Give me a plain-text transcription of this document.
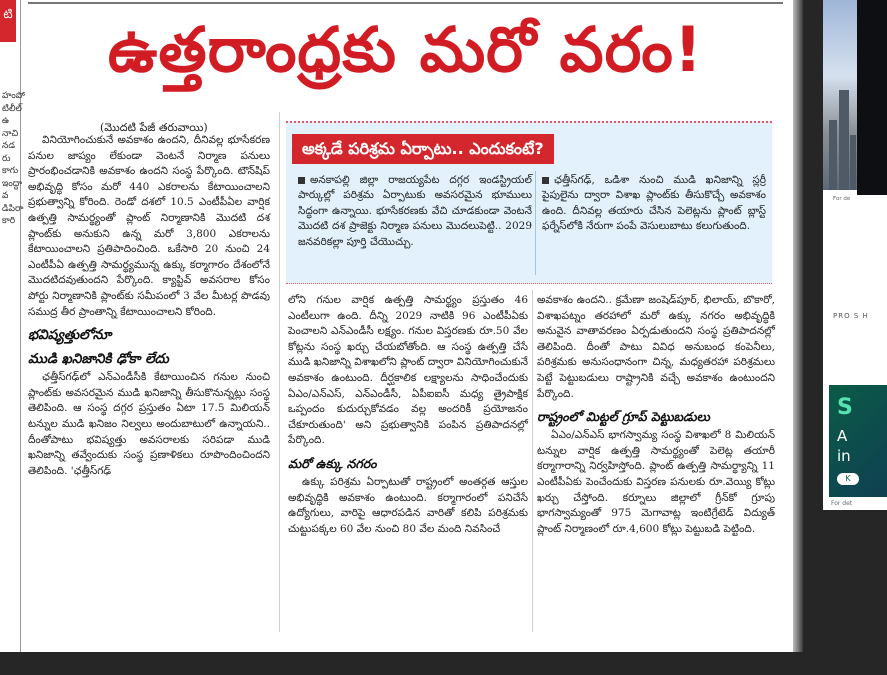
టి
హంపోటిలీల్ ఉనాచి నడరు కాగు ఇంద్దావ డిపిరా కారి
ఉత్తరాంధ్రకు మరో వరం!
(మొదటి పేజీ తరువాయి)

వినియోగించుకునే అవకాశం ఉందని, దీనివల్ల భూసేకరణ పనుల జాప్యం లేకుండా వెంటనే నిర్మాణ పనులు ప్రారంభించడానికి అవకాశం ఉందని సంస్థ పేర్కొంది. టౌన్‌షిప్ అభివృద్ధి కోసం మరో 440 ఎకరాలను కేటాయించాలని ప్రభుత్వాన్ని కోరింది. రెండో దశలో 10.5 ఎంటీపీఏల వార్షిక ఉత్పత్తి సామర్థ్యంతో ప్లాంట్ నిర్మాణానికి మొదటి దశ ప్లాంట్‌కు అనుకుని ఉన్న మరో 3,800 ఎకరాలను కేటాయించాలని ప్రతిపాదించింది. ఒకేసారి 20 నుంచి 24 ఎంటీపీఏ ఉత్పత్తి సామర్థ్యమున్న ఉక్కు కర్మాగారం దేశంలోనే మొదటిదవుతుందని పేర్కొంది. క్యాప్టివ్ అవసరాల కోసం పోర్టు నిర్మాణానికి ప్లాంట్‌కు సమీపంలో 3 వేల మీటర్ల పొడవు సముద్ర తీర ప్రాంతాన్ని కేటాయించాలని కోరింది.

భవిష్యత్తులోనూ
ముడి ఖనిజానికి ఢోకా లేదు

ఛత్తీస్‌గఢ్‌లో ఎన్ఎండీసీకి కేటాయించిన గనుల నుంచి ప్లాంట్‌కు అవసరమైన ముడి ఖనిజాన్ని తీసుకొనున్నట్లు సంస్థ తెలిపింది. ఆ సంస్థ దగ్గర ప్రస్తుతం ఏటా 17.5 మిలియన్ టన్నుల ముడి ఖనిజం నిల్వలు అందుబాటులో ఉన్నాయని.. దీంతోపాటు భవిష్యత్తు అవసరాలకు సరిపడా ముడి ఖనిజాన్ని తవ్వేందుకు సంస్థ ప్రణాళికలు రూపొందించిందని తెలిపింది. 'ఛత్తీస్‌గఢ్

అక్కడే పరిశ్రమ ఏర్పాటు.. ఎందుకంటే?
అనకాపల్లి జిల్లా రాజయ్యపేట దగ్గర ఇండస్ట్రియల్ పార్కుల్లో పరిశ్రమ ఏర్పాటుకు అవసరమైన భూములు సిద్ధంగా ఉన్నాయి. భూసేకరణకు వేచి చూడకుండా వెంటనే మొదటి దశ ప్రాజెక్టు నిర్మాణ పనులు మొదలుపెట్టి.. 2029 జనవరికల్లా పూర్తి చేయొచ్చు.
ఛత్తీస్‌గఢ్, ఒడిశా నుంచి ముడి ఖనిజాన్ని స్లర్రీ పైపులైను ద్వారా విశాఖ ప్లాంట్‌కు తీసుకొచ్చే అవకాశం ఉంది. దీనివల్ల తయారు చేసిన పెలెట్లను ప్లాంట్ బ్లాస్ట్ ఫర్నేస్‌లోకి నేరుగా పంపే వెసులుబాటు కలుగుతుంది.

లోని గనుల వార్షిక ఉత్పత్తి సామర్థ్యం ప్రస్తుతం 46 ఎంటీలుగా ఉంది. దీన్ని 2029 నాటికి 96 ఎంటీపీఏకు పెంచాలని ఎన్ఎండీసీ లక్ష్యం. గనుల విస్తరణకు రూ.50 వేల కోట్లను సంస్థ ఖర్చు చేయబోతోంది. ఆ సంస్థ ఉత్పత్తి చేసే ముడి ఖనిజాన్ని విశాఖలోని ప్లాంట్ ద్వారా వినియోగించుకునే అవకాశం ఉంటుంది. దీర్ఘకాలిక లక్ష్యాలను సాధించేందుకు ఏఎం/ఎన్ఎస్, ఎన్ఎండీసీ, ఏపీఐఐసీ మధ్య త్రైపాక్షిక ఒప్పందం కుదుర్చుకోవడం వల్ల అందరికీ ప్రయోజనం చేకూరుతుంది' అని ప్రభుత్వానికి పంపిన ప్రతిపాదనల్లో పేర్కొంది.

మరో ఉక్కు నగరం

ఉక్కు పరిశ్రమ ఏర్పాటుతో రాష్ట్రంలో అంతర్గత ఆస్తుల అభివృద్ధికి అవకాశం ఉంటుంది. కర్మాగారంలో పనిచేసే ఉద్యోగులు, వారిపై ఆధారపడిన వారితో కలిపి పరిశ్రమకు చుట్టుపక్కల 60 వేల నుంచి 80 వేల మంది నివసించే

అవకాశం ఉందని.. క్రమేణా జంషెడ్‌పూర్, భిలాయ్, బొకారో, విశాఖపట్నం తరహాలో మరో ఉక్కు నగరం అభివృద్ధికి అనువైన వాతావరణం ఏర్పడుతుందని సంస్థ ప్రతిపాదనల్లో తెలిపింది. దీంతో పాటు వివిధ అనుబంధ కంపెనీలు, పరిశ్రమకు అనుసంధానంగా చిన్న, మధ్యతరహా పరిశ్రమలు పెట్టే పెట్టుబడులు రాష్ట్రానికి వచ్చే అవకాశం ఉంటుందని పేర్కొంది.

రాష్ట్రంలో మిట్టల్ గ్రూప్ పెట్టుబడులు

ఏఎం/ఎన్ఎస్ భాగస్వామ్య సంస్థ విశాఖలో 8 మిలియన్ టన్నుల వార్షిక ఉత్పత్తి సామర్థ్యంతో పెలెట్ల తయారీ కర్మాగారాన్ని నిర్వహిస్తోంది. ప్లాంట్ ఉత్పత్తి సామర్థ్యాన్ని 11 ఎంటీపీఏకు పెంచేందుకు విస్తరణ పనులకు రూ.వెయ్యి కోట్లు ఖర్చు చేస్తోంది. కర్నూలు జిల్లాలో గ్రీన్‌కో గ్రూపు భాగస్వామ్యంతో 975 మెగావాట్ల ఇంటిగ్రేటెడ్ విద్యుత్ ప్లాంట్ నిర్మాణంలో రూ.4,600 కోట్లు పెట్టుబడి పెట్టింది.

For de
PRO S H
S
A
in
K
For det
